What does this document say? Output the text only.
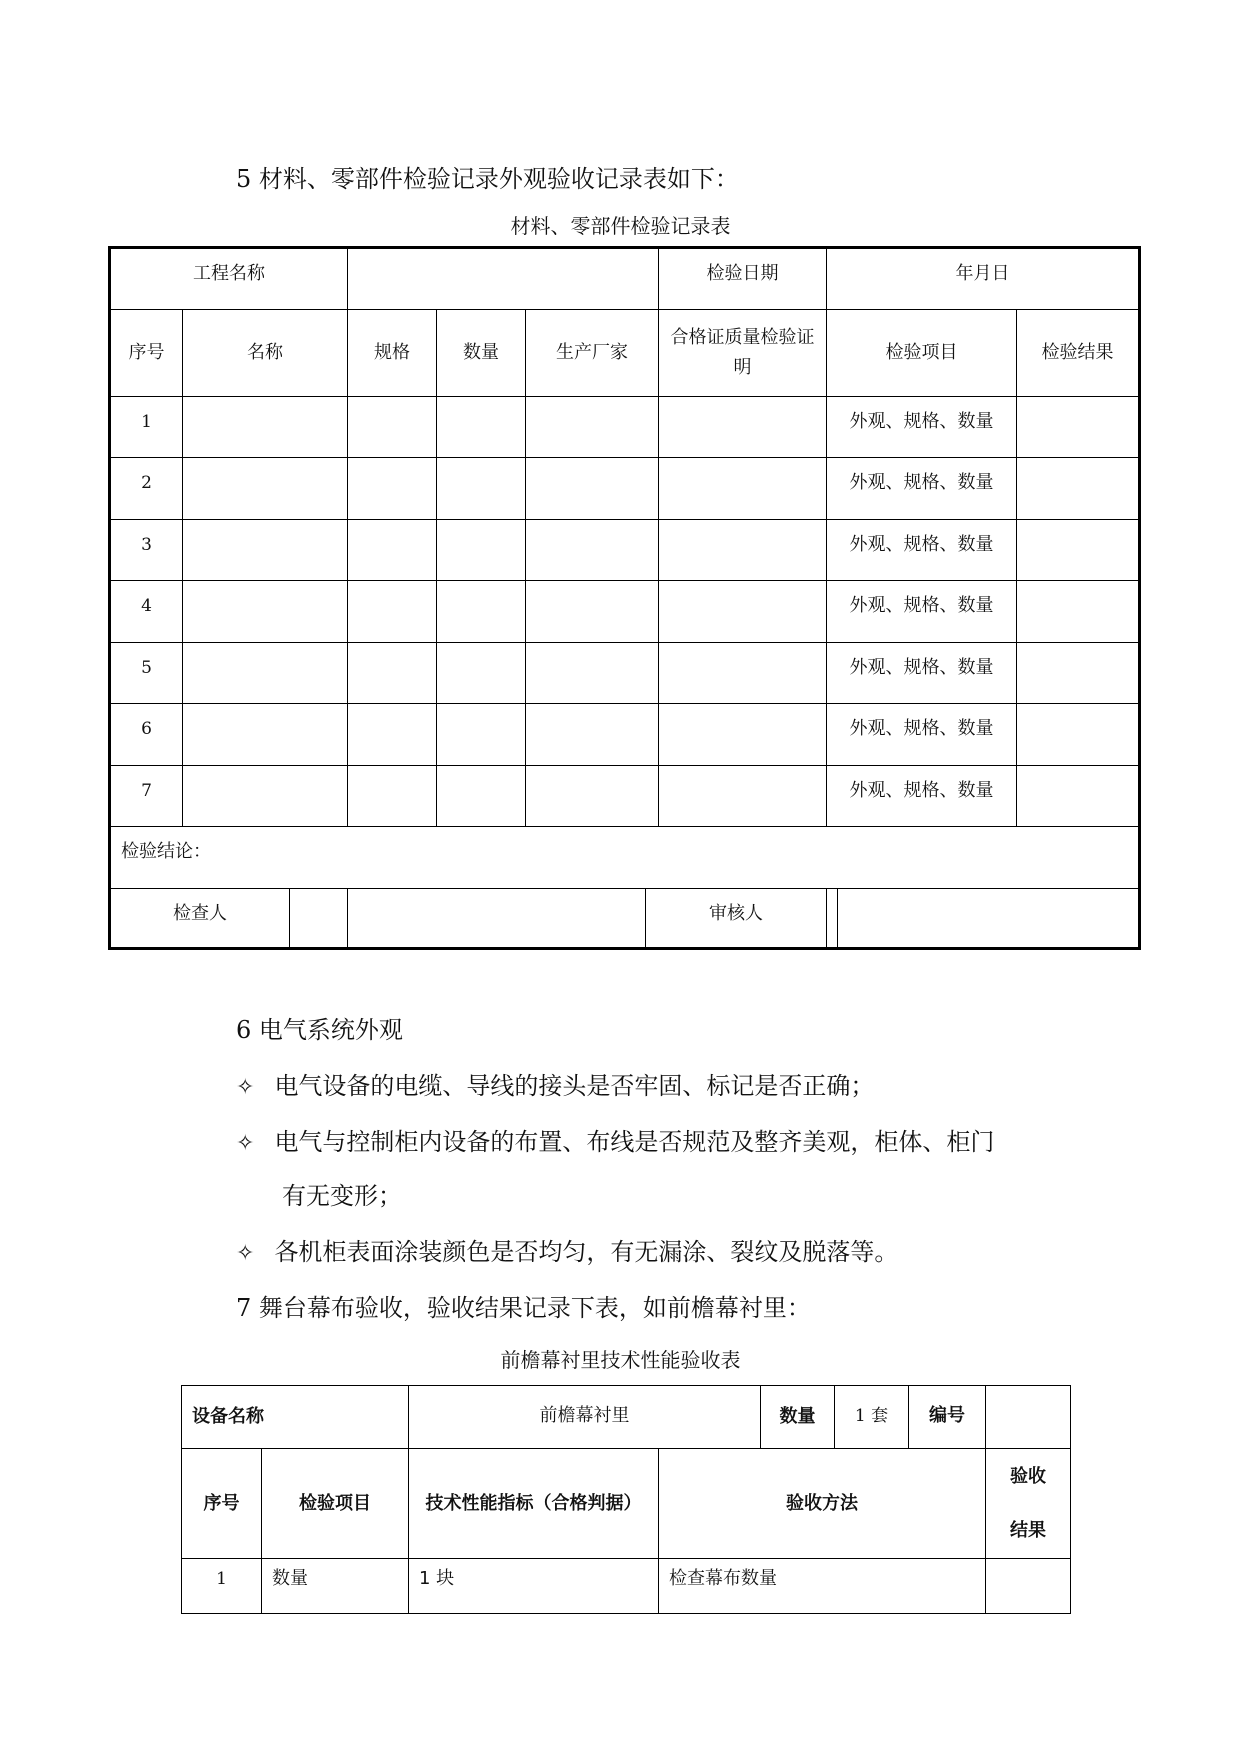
5 材料、零部件检验记录外观验收记录表如下：
材料、零部件检验记录表
工程名称					检验日期	年月日	
序号	名称	规格	数量	生产厂家	合格证质量检验证明	检验项目	检验结果
1						外观、规格、数量	
2						外观、规格、数量	
3						外观、规格、数量	
4						外观、规格、数量	
5						外观、规格、数量	
6						外观、规格、数量	
7						外观、规格、数量	
检验结论：							

检查人		审核人					

6 电气系统外观
✧ 电气设备的电缆、导线的接头是否牢固、标记是否正确；
✧ 电气与控制柜内设备的布置、布线是否规范及整齐美观，柜体、柜门
有无变形；
✧ 各机柜表面涂装颜色是否均匀，有无漏涂、裂纹及脱落等。
7 舞台幕布验收，验收结果记录下表，如前檐幕衬里：
前檐幕衬里技术性能验收表
设备名称		前檐幕衬里		数量	1 套	编号	
序号	检验项目	技术性能指标（合格判据）	验收方法				验收
结果

1	数量	1 块	检查幕布数量				
